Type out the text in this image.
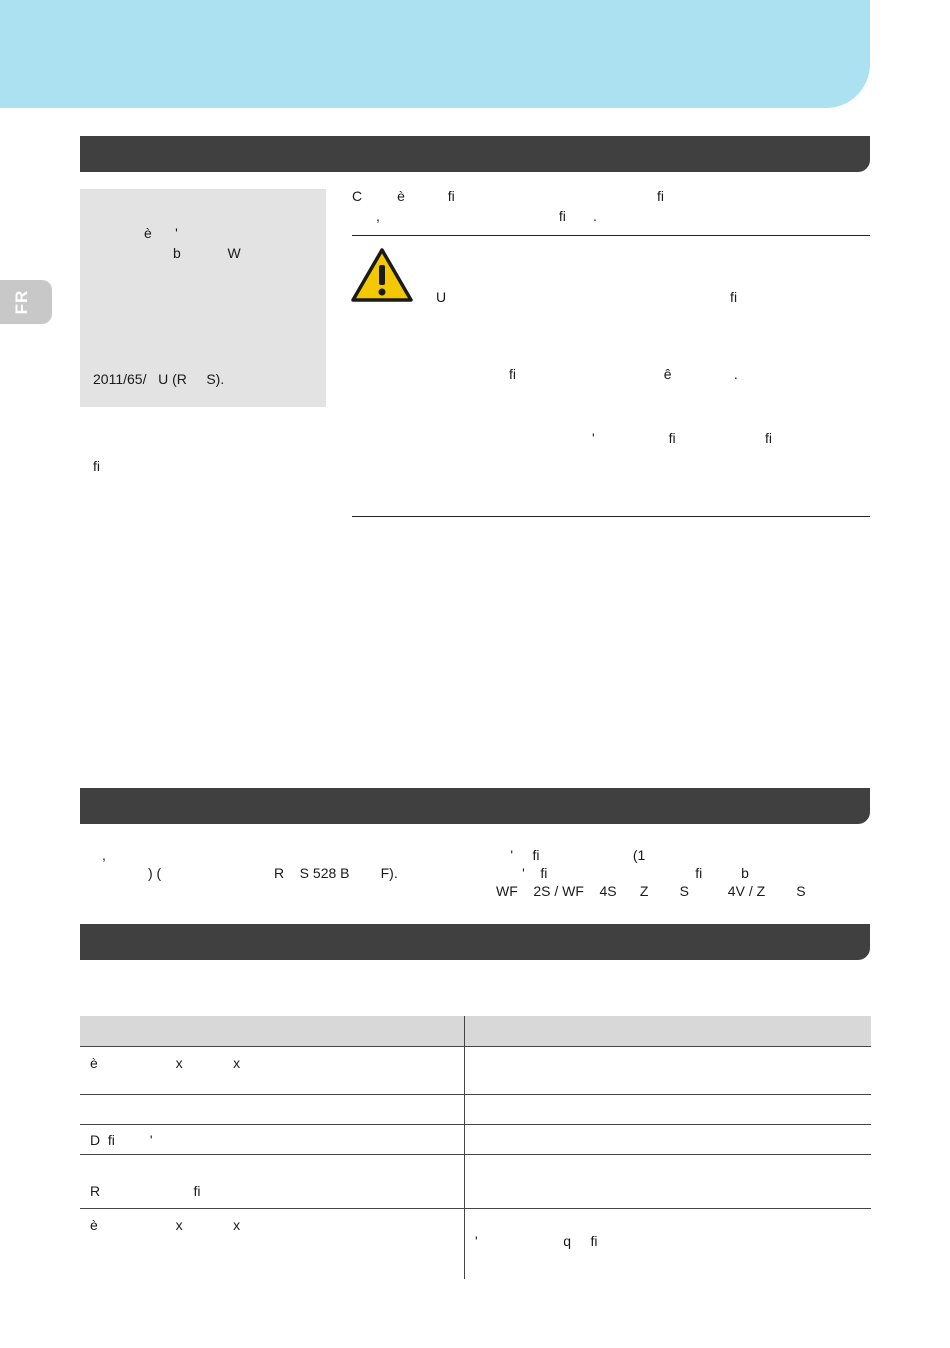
FR
è      '
b            W
2011/65/   U (R     S).
fi
C         è           fi                                                    fi
,                                              fi       .
U                                                                         fi
fi                                      ê                .
'                   fi                       fi
,                                                                                                        '     fi                        (1
) (                             R    S 528 B        F).                                '    fi                                      fi          b
WF    2S / WF    4S      Z        S          4V / Z        S

è                    x             x	

D  fi         '	

R                        fi	
è                    x             x	'                      q     fi
